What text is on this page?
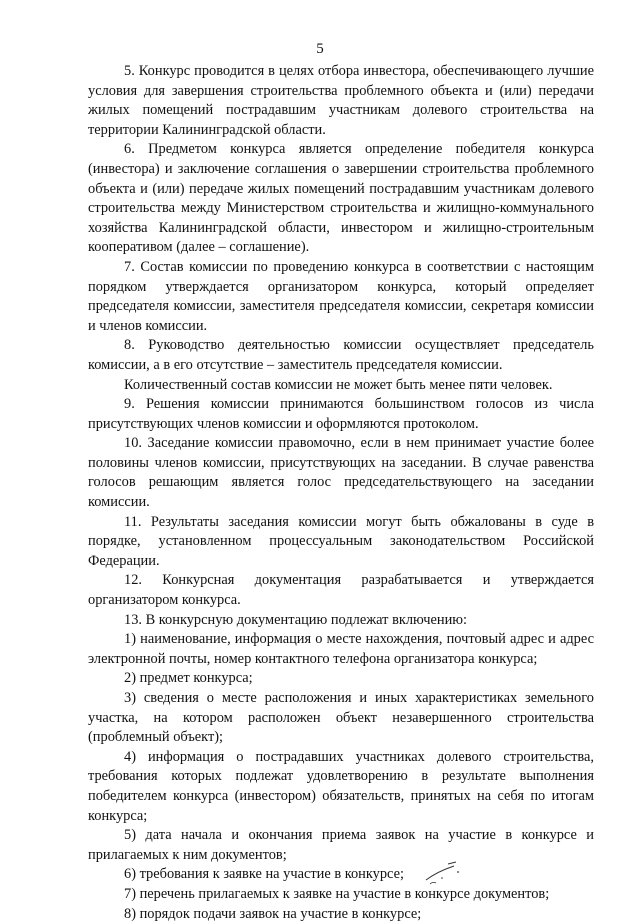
5

5. Конкурс проводится в целях отбора инвестора, обеспечивающего лучшие условия для завершения строительства проблемного объекта и (или) передачи жилых помещений пострадавшим участникам долевого строительства на территории Калининградской области.

6. Предметом конкурса является определение победителя конкурса (инвестора) и заключение соглашения о завершении строительства проблемного объекта и (или) передаче жилых помещений пострадавшим участникам долевого строительства между Министерством строительства и жилищно-коммунального хозяйства Калининградской области, инвестором и жилищно-строительным кооперативом (далее – соглашение).

7. Состав комиссии по проведению конкурса в соответствии с настоящим порядком утверждается организатором конкурса, который определяет председателя комиссии, заместителя председателя комиссии, секретаря комиссии и членов комиссии.

8. Руководство деятельностью комиссии осуществляет председатель комиссии, а в его отсутствие – заместитель председателя комиссии.

Количественный состав комиссии не может быть менее пяти человек.

9. Решения комиссии принимаются большинством голосов из числа присутствующих членов комиссии и оформляются протоколом.

10. Заседание комиссии правомочно, если в нем принимает участие более половины членов комиссии, присутствующих на заседании. В случае равенства голосов решающим является голос председательствующего на заседании комиссии.

11. Результаты заседания комиссии могут быть обжалованы в суде в порядке, установленном процессуальным законодательством Российской Федерации.

12. Конкурсная документация разрабатывается и утверждается организатором конкурса.

13. В конкурсную документацию подлежат включению:

1) наименование, информация о месте нахождения, почтовый адрес и адрес электронной почты, номер контактного телефона организатора конкурса;

2) предмет конкурса;

3) сведения о месте расположения и иных характеристиках земельного участка, на котором расположен объект незавершенного строительства (проблемный объект);

4) информация о пострадавших участниках долевого строительства, требования которых подлежат удовлетворению в результате выполнения победителем конкурса (инвестором) обязательств, принятых на себя по итогам конкурса;

5) дата начала и окончания приема заявок на участие в конкурсе и прилагаемых к ним документов;

6) требования к заявке на участие в конкурсе;

7) перечень прилагаемых к заявке на участие в конкурсе документов;

8) порядок подачи заявок на участие в конкурсе;
